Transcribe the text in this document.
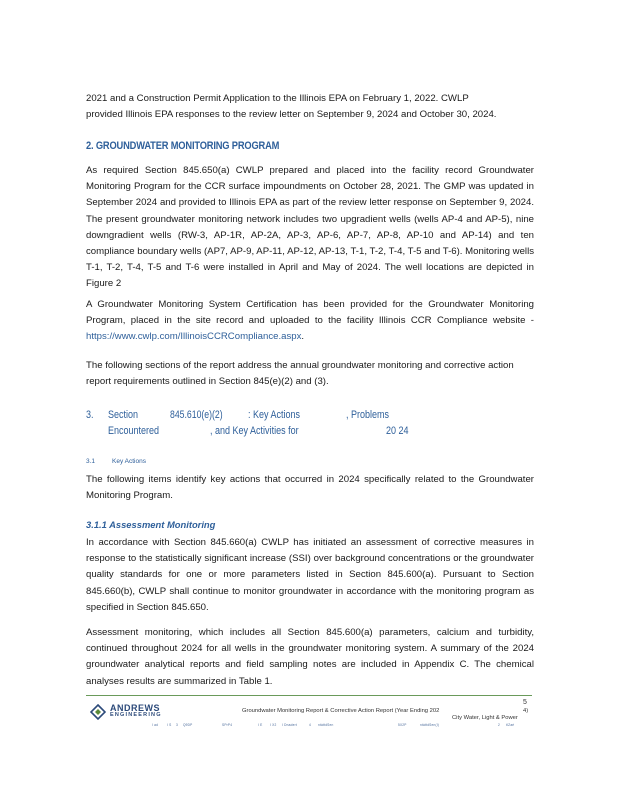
2021 and a Construction Permit Application to the Illinois EPA on February 1, 2022. CWLP

provided Illinois EPA responses to the review letter on September 9, 2024 and October 30, 2024.

2. GROUNDWATER MONITORING PROGRAM

As required Section 845.650(a) CWLP prepared and placed into the facility record Groundwater Monitoring Program for the CCR surface impoundments on October 28, 2021. The GMP was updated in September 2024 and provided to Illinois EPA as part of the review letter response on September 9, 2024. The present groundwater monitoring network includes two upgradient wells (wells AP-4 and AP-5), nine downgradient wells (RW-3, AP-1R, AP-2A, AP-3, AP-6, AP-7, AP-8, AP-10 and AP-14) and ten compliance boundary wells (AP7, AP-9, AP-11, AP-12, AP-13, T-1, T-2, T-4, T-5 and T-6). Monitoring wells T-1, T-2, T-4, T-5 and T-6 were installed in April and May of 2024. The well locations are depicted in Figure 2

A Groundwater Monitoring System Certification has been provided for the Groundwater Monitoring Program, placed in the site record and uploaded to the facility Illinois CCR Compliance website - https://www.cwlp.com/IllinoisCCRCompliance.aspx.

The following sections of the report address the annual groundwater monitoring and corrective action report requirements outlined in Section 845(e)(2) and (3).

3. Section	845.610(e)(2) : Key Actions	, Problems
Encountered	, and Key Activities for	20 24
3.1	Key Actions

The following items identify key actions that occurred in 2024 specifically related to the Groundwater Monitoring Program.

3.1.1 Assessment Monitoring

In accordance with Section 845.660(a) CWLP has initiated an assessment of corrective measures in response to the statistically significant increase (SSI) over background concentrations or the groundwater quality standards for one or more parameters listed in Section 845.600(a). Pursuant to Section 845.660(b), CWLP shall continue to monitor groundwater in accordance with the monitoring program as specified in Section 845.650.

Assessment monitoring, which includes all Section 845.600(a) parameters, calcium and turbidity, continued throughout 2024 for all wells in the groundwater monitoring system. A summary of the 2024 groundwater analytical reports and field sampling notes are included in Appendix C. The chemical analyses results are summarized in Table 1.

ANDREWS
ENGINEERING
5
Groundwater Monitoring Report & Corrective Action Report (Year Ending 202	4)
City Water, Light & Power
I ad	I S 3 Q9DP	SPrP4	I E I X2 I Dnadert	4 ntáttdSen	5X2P	ntáttdSen(I)	2 tIZaé
